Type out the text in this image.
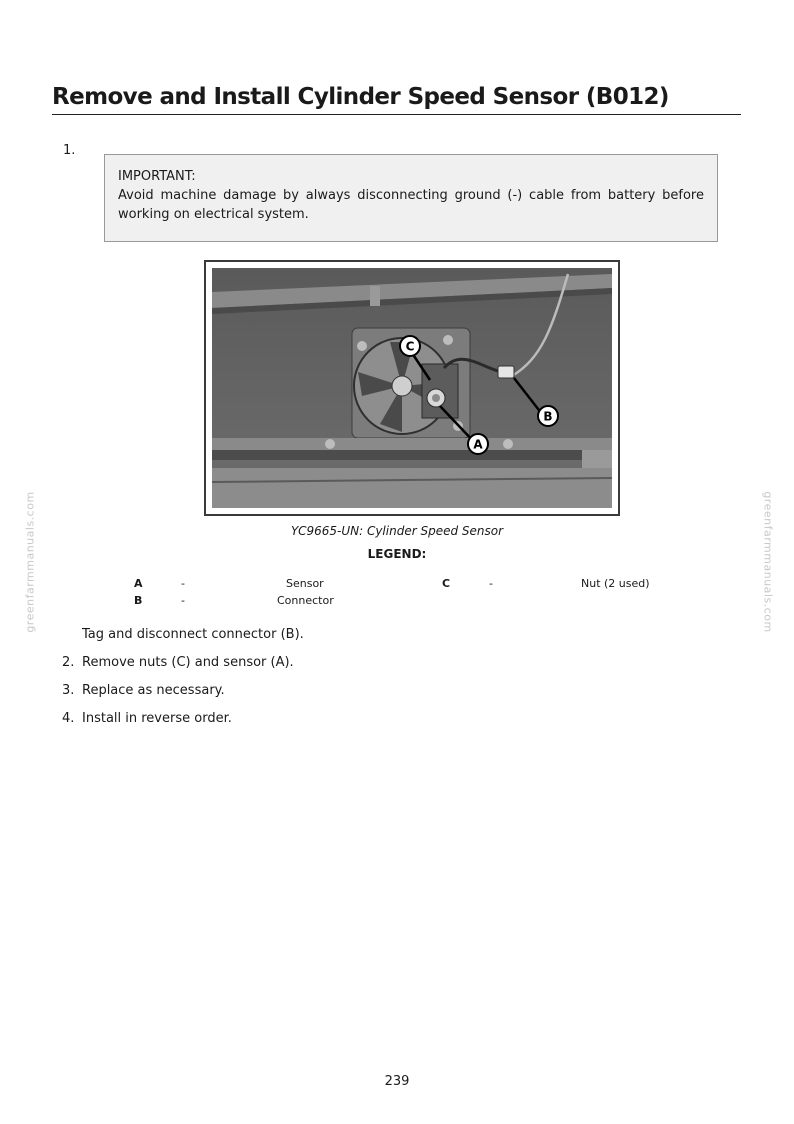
Remove and Install Cylinder Speed Sensor (B012)
1.
IMPORTANT:
Avoid machine damage by always disconnecting ground (-) cable from battery before working on electrical system.
C
A
B
YC9665-UN: Cylinder Speed Sensor
LEGEND:
A	-	Sensor
B	-	Connector
C	-	Nut (2 used)
Tag and disconnect connector (B).
2. Remove nuts (C) and sensor (A).
3. Replace as necessary.
4. Install in reverse order.
greenfarmmanuals.com	greenfarmmanuals.com
239
